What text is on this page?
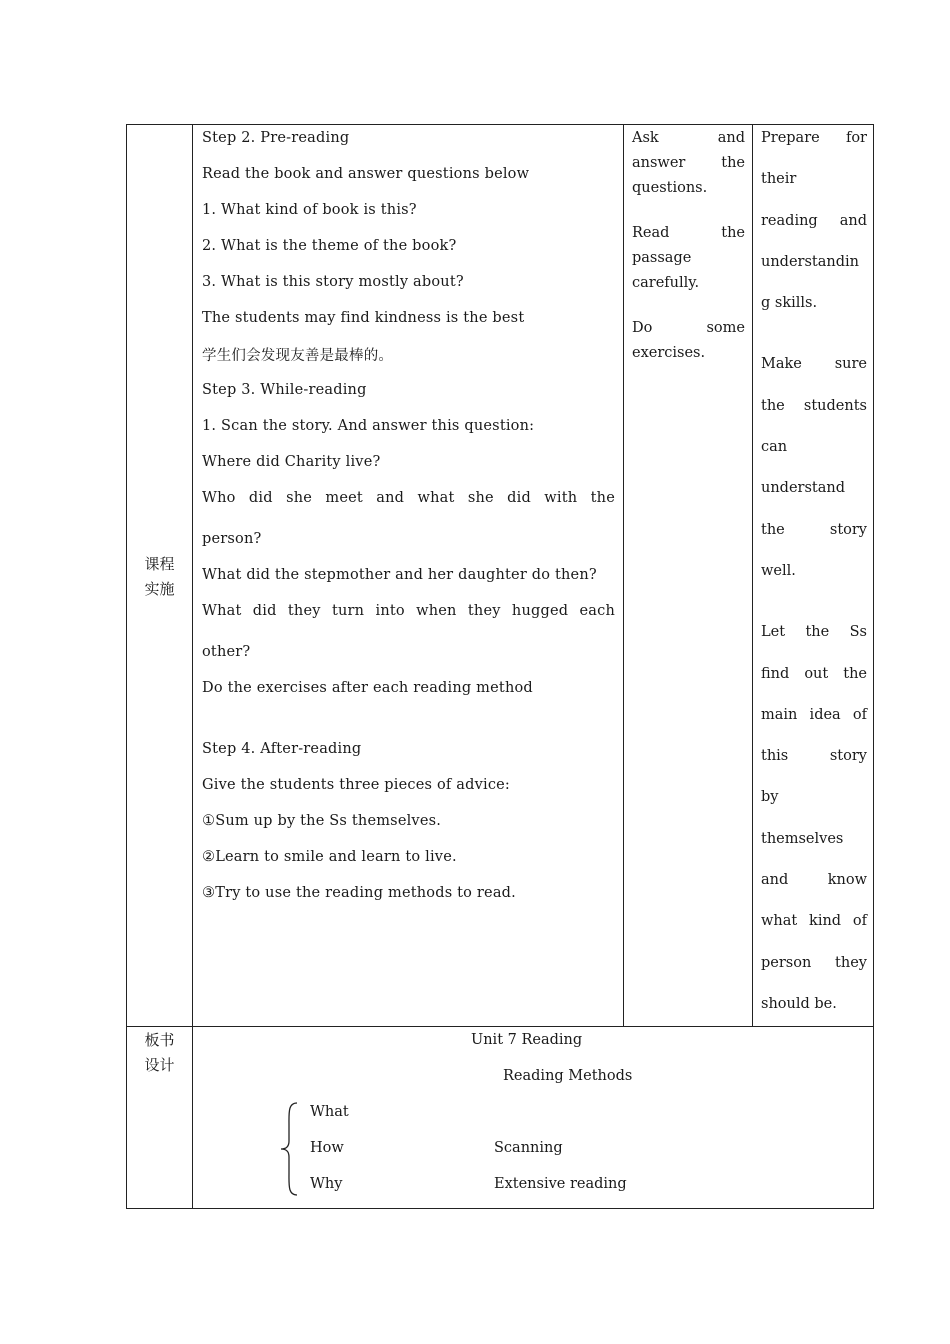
课程
实施
Step 2. Pre-reading
Read the book and answer questions below
1. What kind of book is this?
2. What is the theme of the book?
3. What is this story mostly about?
The students may find kindness is the best
学生们会发现友善是最棒的。
Step 3. While-reading
1. Scan the story. And answer this question:
Where did Charity live?
Who did she meet and what she did with the
person?
What did the stepmother and her daughter do then?
What did they turn into when they hugged each
other?
Do the exercises after each reading method
Step 4. After-reading
Give the students three pieces of advice:
①Sum up by the Ss themselves.
②Learn to smile and learn to live.
③Try to use the reading methods to read.
Ask and
answer the
questions.
Read the
passage
carefully.
Do some
exercises.
Prepare for
their
reading and
understandin
g skills.
Make sure
the students
can
understand
the story
well.
Let the Ss
find out the
main idea of
this story
by
themselves
and know
what kind of
person they
should be.
板书
设计
Unit 7 Reading
Reading Methods
What
How
Why
Scanning
Extensive reading
